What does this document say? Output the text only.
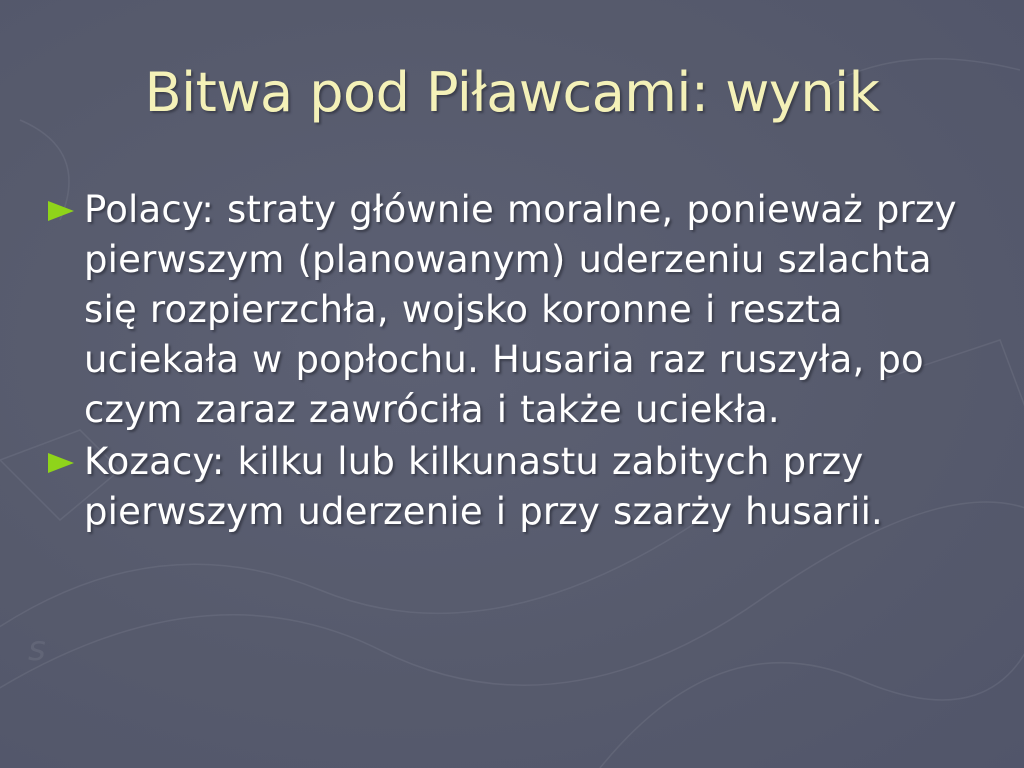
s
Bitwa pod Piławcami: wynik
Polacy: straty głównie moralne, ponieważ przy pierwszym (planowanym) uderzeniu szlachta się rozpierzchła, wojsko koronne i reszta uciekała w popłochu. Husaria raz ruszyła, po czym zaraz zawróciła i także uciekła.
Kozacy: kilku lub kilkunastu zabitych przy pierwszym uderzenie i przy szarży husarii.
